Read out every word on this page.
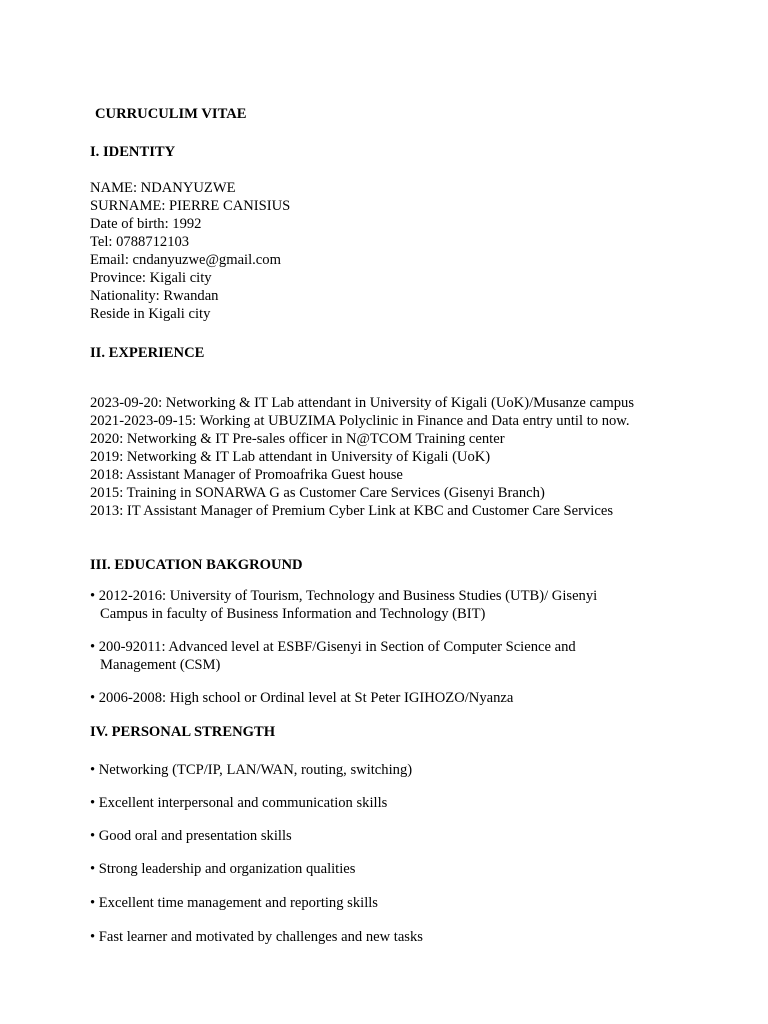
CURRUCULIM VITAE

I. IDENTITY

NAME: NDANYUZWE

SURNAME: PIERRE CANISIUS

Date of birth: 1992

Tel: 0788712103

Email: cndanyuzwe@gmail.com

Province: Kigali city

Nationality: Rwandan

Reside in Kigali city

II. EXPERIENCE

2023-09-20: Networking & IT Lab attendant in University of Kigali (UoK)/Musanze campus

2021-2023-09-15: Working at UBUZIMA Polyclinic in Finance and Data entry until to now.

2020: Networking & IT Pre-sales officer in N@TCOM Training center

2019: Networking & IT Lab attendant in University of Kigali (UoK)

2018: Assistant Manager of Promoafrika Guest house

2015: Training in SONARWA G as Customer Care Services (Gisenyi Branch)

2013: IT Assistant Manager of Premium Cyber Link at KBC and Customer Care Services

III. EDUCATION BAKGROUND

• 2012-2016: University of Tourism, Technology and Business Studies (UTB)/ Gisenyi
Campus in faculty of Business Information and Technology (BIT)
• 200-92011: Advanced level at ESBF/Gisenyi in Section of Computer Science and
Management (CSM)
• 2006-2008: High school or Ordinal level at St Peter IGIHOZO/Nyanza

IV. PERSONAL STRENGTH

• Networking (TCP/IP, LAN/WAN, routing, switching)

• Excellent interpersonal and communication skills

• Good oral and presentation skills

• Strong leadership and organization qualities

• Excellent time management and reporting skills

• Fast learner and motivated by challenges and new tasks
